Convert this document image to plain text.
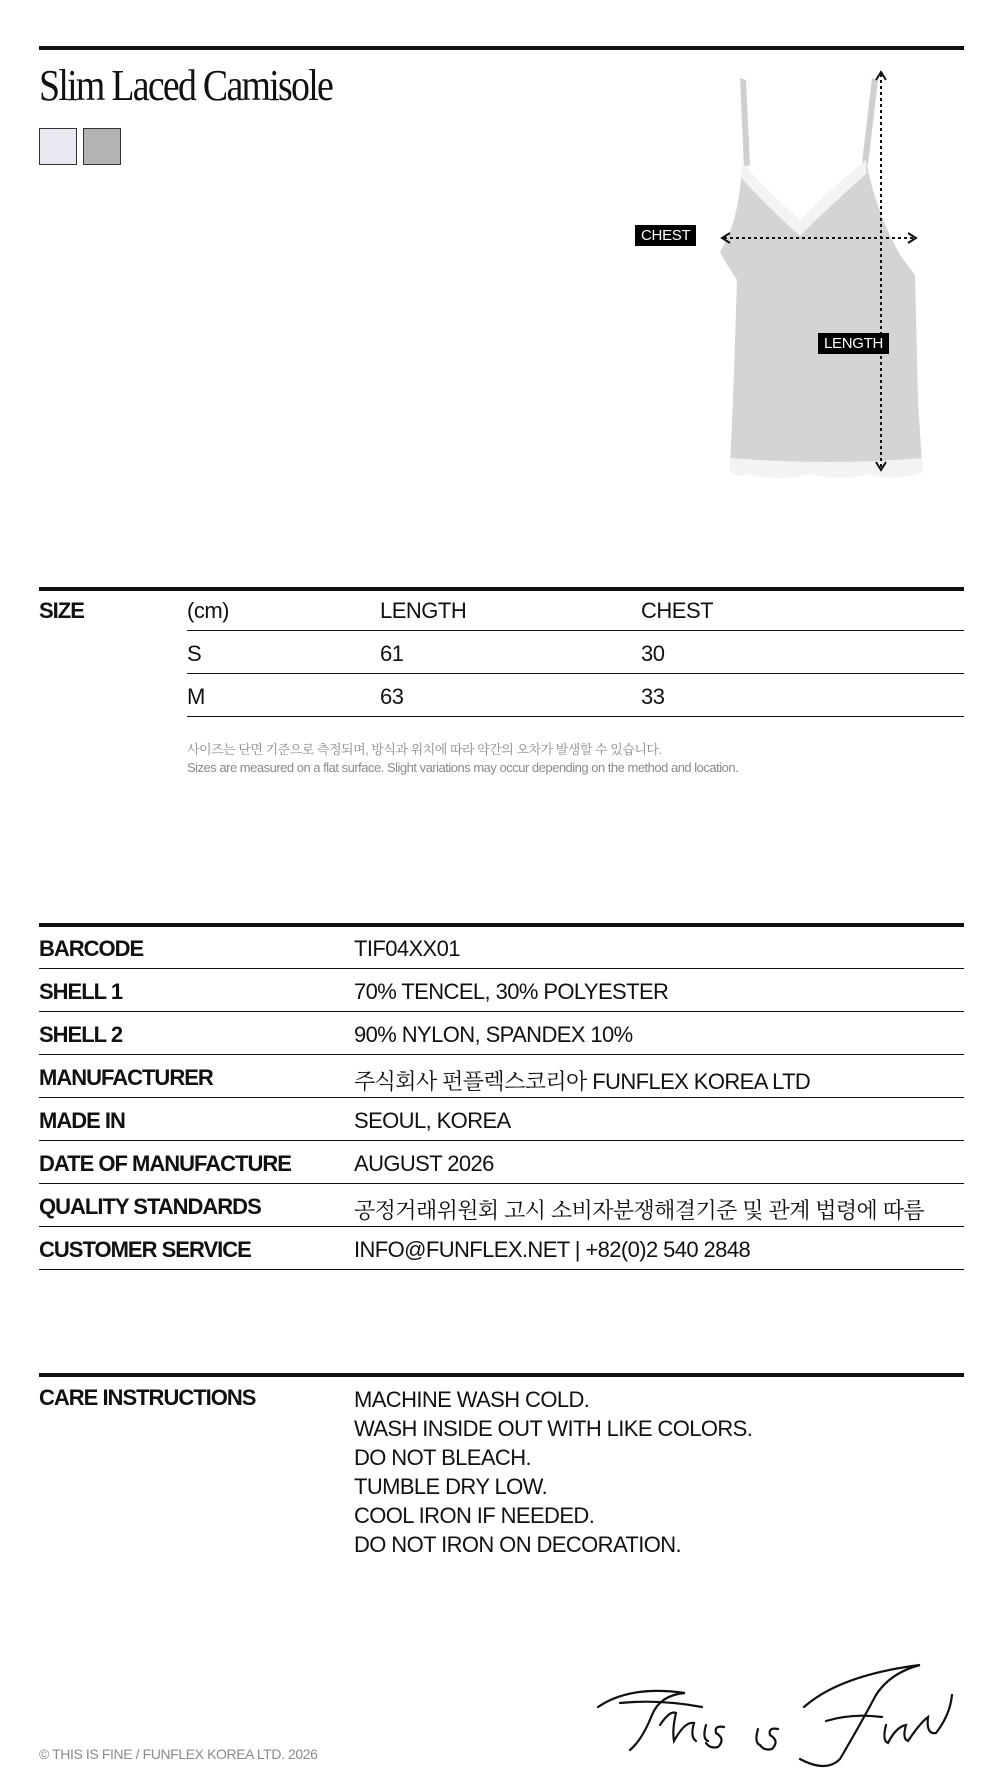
Slim Laced Camisole
CHEST
LENGTH
SIZE	(cm)	LENGTH	CHEST
S	61	30
M	63	33
사이즈는 단면 기준으로 측정되며, 방식과 위치에 따라 약간의 오차가 발생할 수 있습니다.
Sizes are measured on a flat surface. Slight variations may occur depending on the method and location.
BARCODE	TIF04XX01
SHELL 1	70% TENCEL, 30% POLYESTER
SHELL 2	90% NYLON, SPANDEX 10%
MANUFACTURER	주식회사 펀플렉스코리아 FUNFLEX KOREA LTD
MADE IN	SEOUL, KOREA
DATE OF MANUFACTURE	AUGUST 2026
QUALITY STANDARDS	공정거래위원회 고시 소비자분쟁해결기준 및 관계 법령에 따름
CUSTOMER SERVICE	INFO@FUNFLEX.NET | +82(0)2 540 2848
CARE INSTRUCTIONS	MACHINE WASH COLD.
WASH INSIDE OUT WITH LIKE COLORS.
DO NOT BLEACH.
TUMBLE DRY LOW.
COOL IRON IF NEEDED.
DO NOT IRON ON DECORATION.
© THIS IS FINE / FUNFLEX KOREA LTD. 2026
